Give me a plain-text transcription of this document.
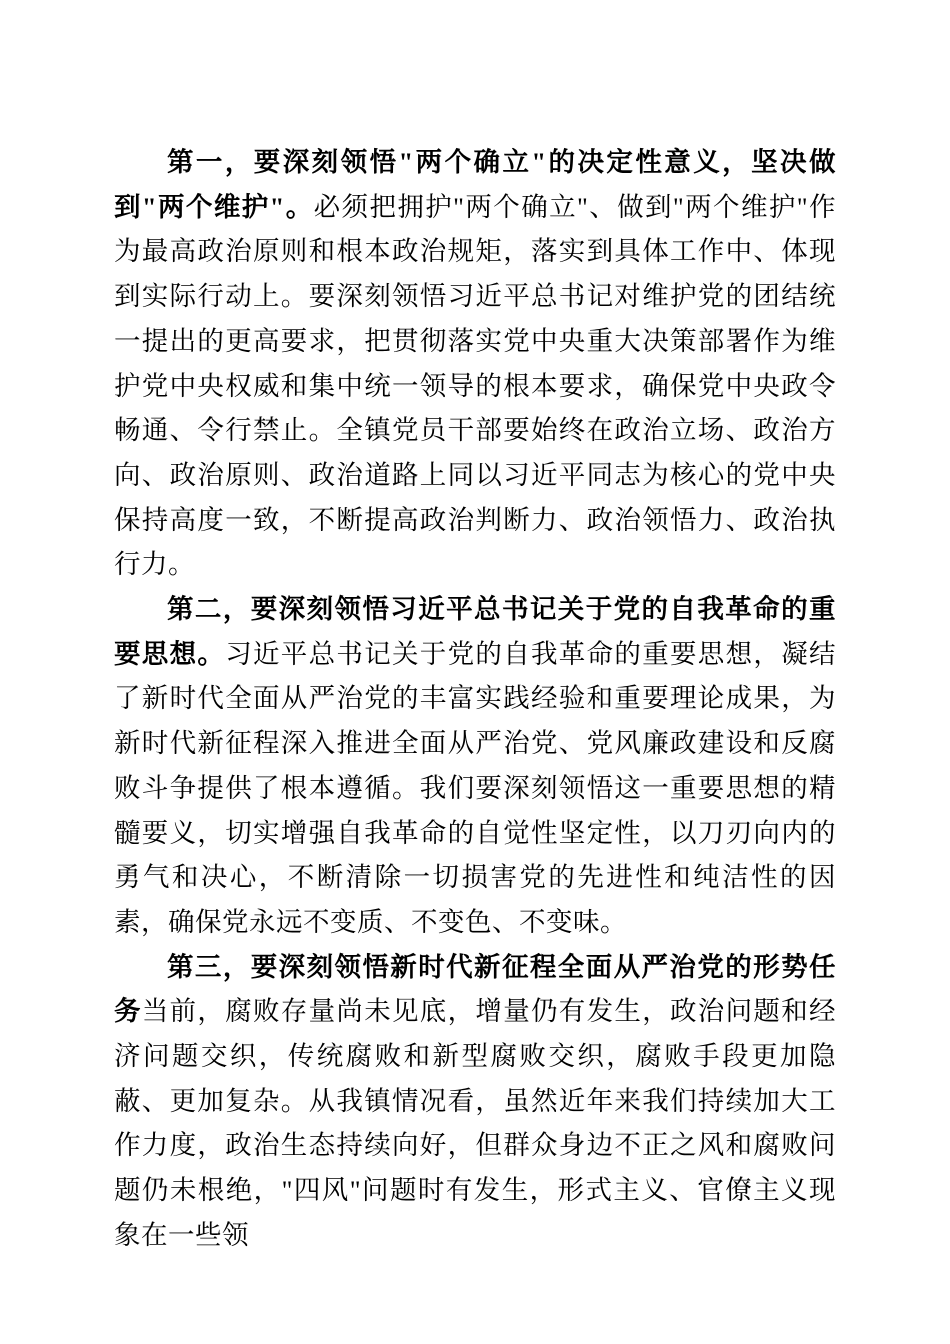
第一，要深刻领悟"两个确立"的决定性意义，坚决做到"两个维护"。必须把拥护"两个确立"、做到"两个维护"作为最高政治原则和根本政治规矩，落实到具体工作中、体现到实际行动上。要深刻领悟习近平总书记对维护党的团结统一提出的更高要求，把贯彻落实党中央重大决策部署作为维护党中央权威和集中统一领导的根本要求，确保党中央政令畅通、令行禁止。全镇党员干部要始终在政治立场、政治方向、政治原则、政治道路上同以习近平同志为核心的党中央保持高度一致，不断提高政治判断力、政治领悟力、政治执行力。

第二，要深刻领悟习近平总书记关于党的自我革命的重要思想。习近平总书记关于党的自我革命的重要思想，凝结了新时代全面从严治党的丰富实践经验和重要理论成果，为新时代新征程深入推进全面从严治党、党风廉政建设和反腐败斗争提供了根本遵循。我们要深刻领悟这一重要思想的精髓要义，切实增强自我革命的自觉性坚定性，以刀刃向内的勇气和决心，不断清除一切损害党的先进性和纯洁性的因素，确保党永远不变质、不变色、不变味。

第三，要深刻领悟新时代新征程全面从严治党的形势任务当前，腐败存量尚未见底，增量仍有发生，政治问题和经济问题交织，传统腐败和新型腐败交织，腐败手段更加隐蔽、更加复杂。从我镇情况看，虽然近年来我们持续加大工作力度，政治生态持续向好，但群众身边不正之风和腐败问题仍未根绝，"四风"问题时有发生，形式主义、官僚主义现象在一些领
